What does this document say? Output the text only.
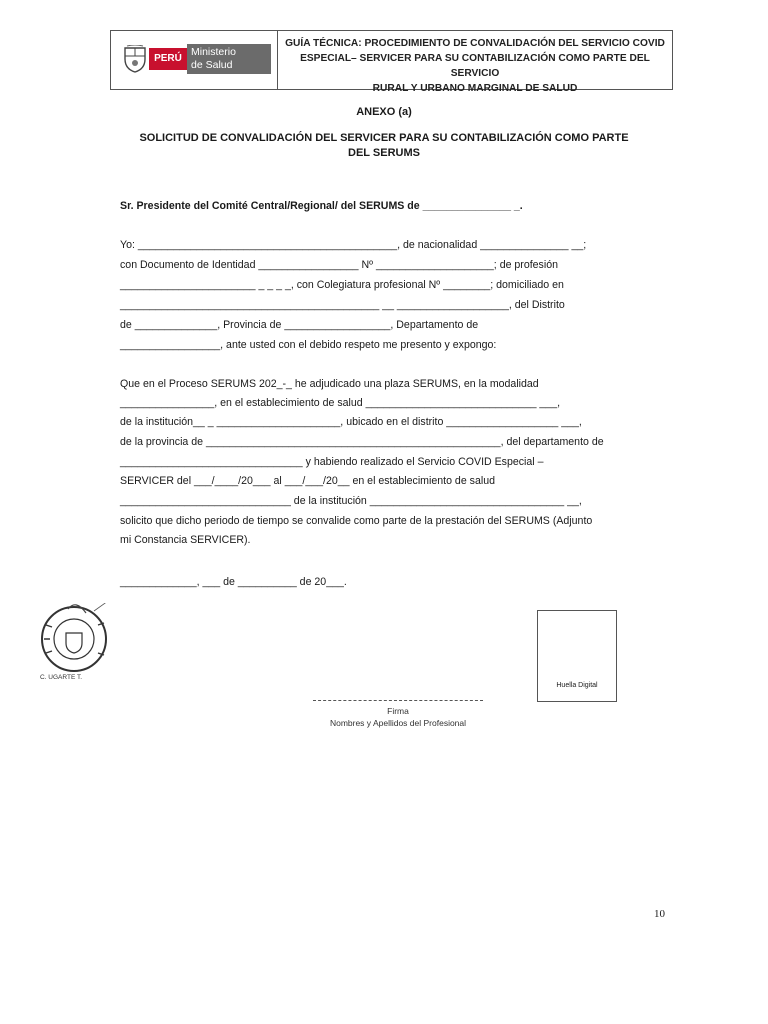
PERÚ
Ministerio
de Salud
GUÍA TÉCNICA: PROCEDIMIENTO DE CONVALIDACIÓN DEL SERVICIO COVID
ESPECIAL– SERVICER PARA SU CONTABILIZACIÓN COMO PARTE DEL SERVICIO
RURAL Y URBANO MARGINAL DE SALUD
ANEXO (a)
SOLICITUD DE CONVALIDACIÓN DEL SERVICER PARA SU CONTABILIZACIÓN COMO PARTE
DEL SERUMS
Sr. Presidente del Comité Central/Regional/ del SERUMS de _______________ _.
Yo: ____________________________________________, de nacionalidad _______________ __;
con Documento de Identidad _________________ Nº ____________________; de profesión
_______________________ _ _ _ _, con Colegiatura profesional Nº ________; domiciliado en
____________________________________________ __ ___________________, del Distrito
de ______________, Provincia de __________________, Departamento de
_________________, ante usted con el debido respeto me presento y expongo:
Que en el Proceso SERUMS 202_-_ he adjudicado una plaza SERUMS, en la modalidad
________________, en el establecimiento de salud _____________________________ ___,
de la institución__ _ _____________________, ubicado en el distrito ___________________ ___,
de la provincia de __________________________________________________, del departamento de
_______________________________ y habiendo realizado el Servicio COVID Especial –
SERVICER del ___/____/20___ al ___/___/20__ en el establecimiento de salud
_____________________________ de la institución _________________________________ __,
solicito que dicho periodo de tiempo se convalide como parte de la prestación del SERUMS (Adjunto
mi Constancia SERVICER).
_____________, ___ de __________ de 20___.
C. UGARTE T.
Huella Digital
Firma
Nombres y Apellidos del Profesional
10
